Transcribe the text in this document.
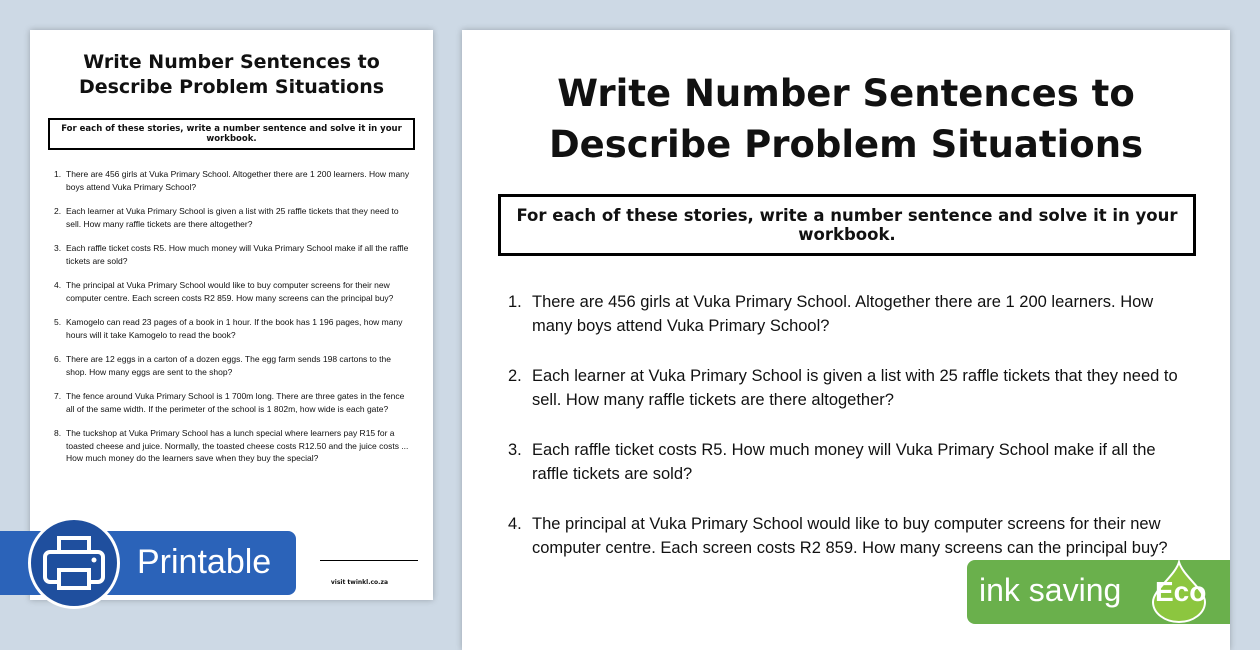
Write Number Sentences to
Describe Problem Situations
For each of these stories, write a number sentence and solve it in your workbook.
1. There are 456 girls at Vuka Primary School. Altogether there are 1 200 learners. How many boys attend Vuka Primary School?
2. Each learner at Vuka Primary School is given a list with 25 raffle tickets that they need to sell. How many raffle tickets are there altogether?
3. Each raffle ticket costs R5. How much money will Vuka Primary School make if all the raffle tickets are sold?
4. The principal at Vuka Primary School would like to buy computer screens for their new computer centre. Each screen costs R2 859. How many screens can the principal buy?
5. Kamogelo can read 23 pages of a book in 1 hour. If the book has 1 196 pages, how many hours will it take Kamogelo to read the book?
6. There are 12 eggs in a carton of a dozen eggs. The egg farm sends 198 cartons to the shop. How many eggs are sent to the shop?
7. The fence around Vuka Primary School is 1 700m long. There are three gates in the fence all of the same width. If the perimeter of the school is 1 802m, how wide is each gate?
8. The tuckshop at Vuka Primary School has a lunch special where learners pay R15 for a toasted cheese and juice. Normally, the toasted cheese costs R12.50 and the juice costs ... How much money do the learners save when they buy the special?
visit twinkl.co.za
Write Number Sentences to
Describe Problem Situations
For each of these stories, write a number sentence and solve it in your workbook.
1. There are 456 girls at Vuka Primary School. Altogether there are 1 200 learners. How many boys attend Vuka Primary School?
2. Each learner at Vuka Primary School is given a list with 25 raffle tickets that they need to sell. How many raffle tickets are there altogether?
3. Each raffle ticket costs R5. How much money will Vuka Primary School make if all the raffle tickets are sold?
4. The principal at Vuka Primary School would like to buy computer screens for their new computer centre. Each screen costs R2 859. How many screens can the principal buy?
Printable
ink saving Eco
